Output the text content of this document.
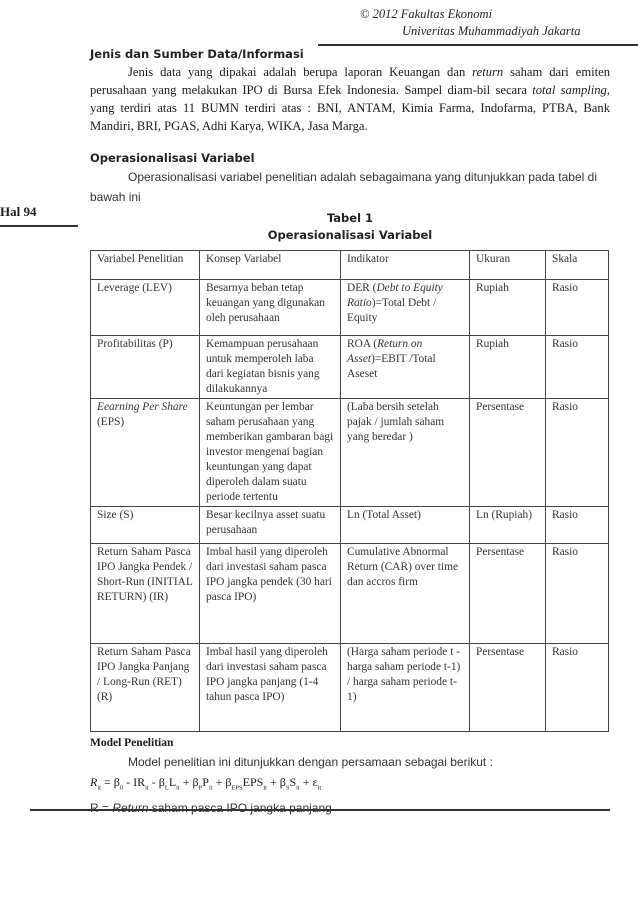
© 2012 Fakultas Ekonomi
Univeritas Muhammadiyah Jakarta
Hal 94
Jenis dan Sumber Data/Informasi

Jenis data yang dipakai adalah berupa laporan Keuangan dan return saham dari emiten perusahaan yang melakukan IPO di Bursa Efek Indonesia. Sampel diam-bil secara total sampling, yang terdiri atas 11 BUMN terdiri atas : BNI, ANTAM, Kimia Farma, Indofarma, PTBA, Bank Mandiri, BRI, PGAS, Adhi Karya, WIKA, Jasa Marga.

Operasionalisasi Variabel

Operasionalisasi variabel penelitian adalah sebagaimana yang ditunjukkan pada tabel di bawah ini

Tabel 1
Operasionalisasi Variabel
Variabel Penelitian	Konsep Variabel	Indikator	Ukuran	Skala
Leverage (LEV)	Besarnya beban tetap keuangan yang digunakan oleh perusahaan	DER (Debt to Equity Ratio)=Total Debt / Equity	Rupiah	Rasio
Profitabilitas (P)	Kemampuan perusahaan untuk memperoleh laba dari kegiatan bisnis yang dilakukannya	ROA (Return on Asset)=EBIT /Total Aseset	Rupiah	Rasio
Eearning Per Share
(EPS)	Keuntungan per lembar saham perusahaan yang memberikan gambaran bagi investor mengenai bagian keuntungan yang dapat diperoleh dalam suatu periode tertentu	(Laba bersih setelah pajak / jumlah saham yang beredar )	Persentase	Rasio
Size (S)	Besar kecilnya asset suatu perusahaan	Ln (Total Asset)	Ln (Rupiah)	Rasio
Return Saham Pasca IPO Jangka Pendek / Short-Run (INITIAL RETURN) (IR)	Imbal hasil yang diperoleh dari investasi saham pasca IPO jangka pendek (30 hari pasca IPO)	Cumulative Abnormal Return (CAR) over time dan accros firm	Persentase	Rasio
Return Saham Pasca IPO Jangka Panjang / Long-Run (RET) (R)	Imbal hasil yang diperoleh dari investasi saham pasca IPO jangka panjang (1-4 tahun pasca IPO)	(Harga saham periode t - harga saham periode t-1) / harga saham periode t-1)	Persentase	Rasio
Model Penelitian

Model penelitian ini ditunjukkan dengan persamaan sebagai berikut :

$R_{it} = \beta_0 - IR_{it} - \beta_LL_{it} + \beta_PP_{it} + \beta_{EPS}EPS_{it} + \beta_SS_{it} + \varepsilon_{it}$
